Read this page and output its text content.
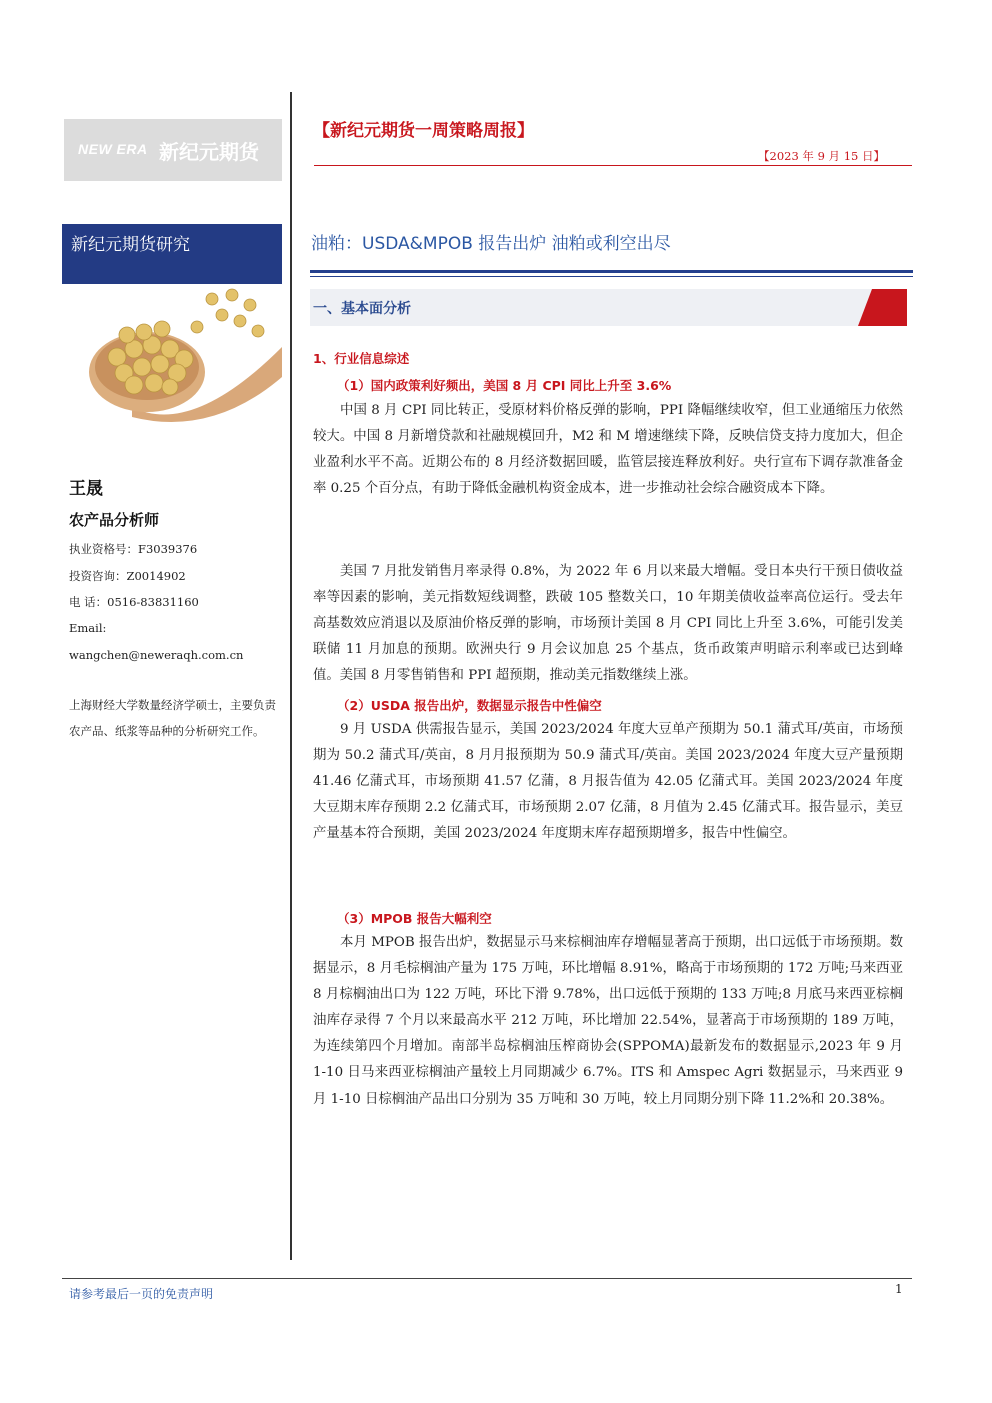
NEW ERA 新纪元期货
新纪元期货研究
王晟
农产品分析师
执业资格号：F3039376
投资咨询：Z0014902
电 话：0516-83831160
Email:
wangchen@neweraqh.com.cn
上海财经大学数量经济学硕士，主要负责农产品、纸浆等品种的分析研究工作。
【新纪元期货一周策略周报】
【2023 年 9 月 15 日】
油粕：USDA&MPOB 报告出炉 油粕或利空出尽
一、基本面分析
1、行业信息综述
（1）国内政策利好频出，美国 8 月 CPI 同比上升至 3.6%
中国 8 月 CPI 同比转正，受原材料价格反弹的影响，PPI 降幅继续收窄，但工业通缩压力依然较大。中国 8 月新增贷款和社融规模回升，M2 和 M 增速继续下降，反映信贷支持力度加大，但企业盈利水平不高。近期公布的 8 月经济数据回暖，监管层接连释放利好。央行宣布下调存款准备金率 0.25 个百分点，有助于降低金融机构资金成本，进一步推动社会综合融资成本下降。
美国 7 月批发销售月率录得 0.8%，为 2022 年 6 月以来最大增幅。受日本央行干预日债收益率等因素的影响，美元指数短线调整，跌破 105 整数关口，10 年期美债收益率高位运行。受去年高基数效应消退以及原油价格反弹的影响，市场预计美国 8 月 CPI 同比上升至 3.6%，可能引发美联储 11 月加息的预期。欧洲央行 9 月会议加息 25 个基点，货币政策声明暗示利率或已达到峰值。美国 8 月零售销售和 PPI 超预期，推动美元指数继续上涨。
（2）USDA 报告出炉，数据显示报告中性偏空
9 月 USDA 供需报告显示，美国 2023/2024 年度大豆单产预期为 50.1 蒲式耳/英亩，市场预期为 50.2 蒲式耳/英亩，8 月月报预期为 50.9 蒲式耳/英亩。美国 2023/2024 年度大豆产量预期 41.46 亿蒲式耳，市场预期 41.57 亿蒲，8 月报告值为 42.05 亿蒲式耳。美国 2023/2024 年度大豆期末库存预期 2.2 亿蒲式耳，市场预期 2.07 亿蒲，8 月值为 2.45 亿蒲式耳。报告显示，美豆产量基本符合预期，美国 2023/2024 年度期末库存超预期增多，报告中性偏空。
（3）MPOB 报告大幅利空
本月 MPOB 报告出炉，数据显示马来棕榈油库存增幅显著高于预期，出口远低于市场预期。数据显示，8 月毛棕榈油产量为 175 万吨，环比增幅 8.91%，略高于市场预期的 172 万吨;马来西亚 8 月棕榈油出口为 122 万吨，环比下滑 9.78%，出口远低于预期的 133 万吨;8 月底马来西亚棕榈油库存录得 7 个月以来最高水平 212 万吨，环比增加 22.54%，显著高于市场预期的 189 万吨，为连续第四个月增加。南部半岛棕榈油压榨商协会(SPPOMA)最新发布的数据显示,2023 年 9 月 1-10 日马来西亚棕榈油产量较上月同期减少 6.7%。ITS 和 Amspec Agri 数据显示，马来西亚 9 月 1-10 日棕榈油产品出口分别为 35 万吨和 30 万吨，较上月同期分别下降 11.2%和 20.38%。
请参考最后一页的免责声明	1
